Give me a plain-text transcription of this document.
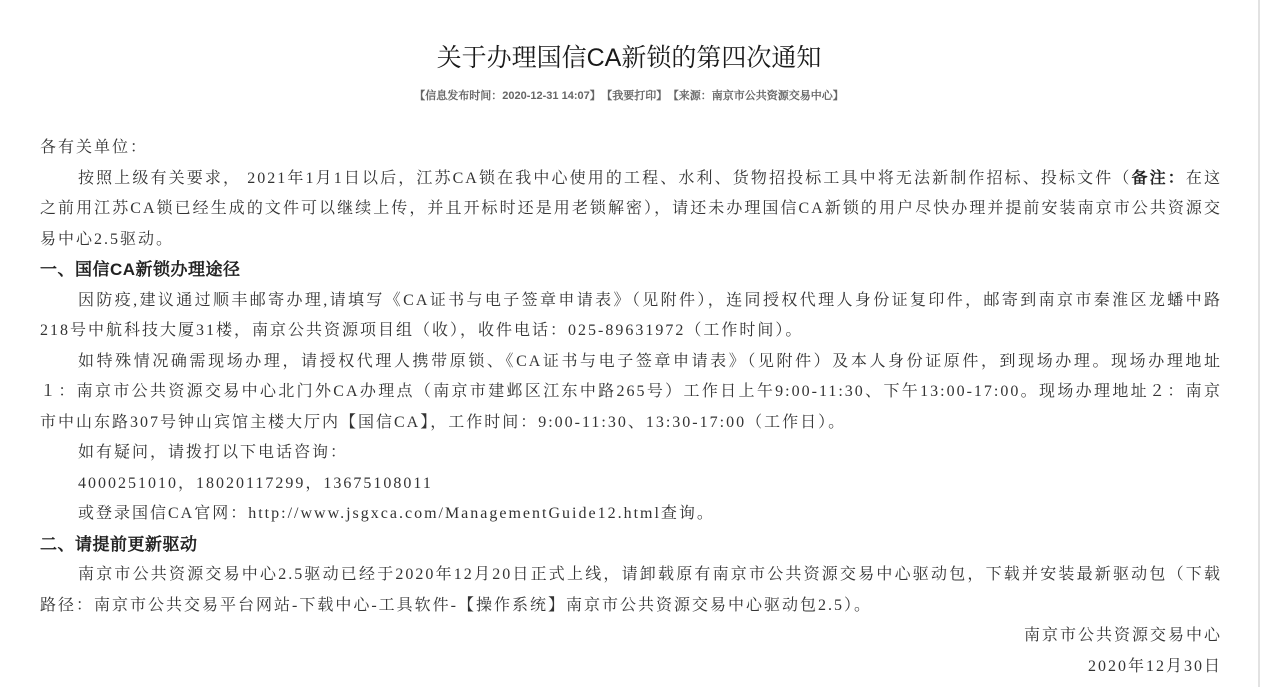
关于办理国信CA新锁的第四次通知
【信息发布时间：2020-12-31 14:07】 【我要打印】 【来源：南京市公共资源交易中心】

各有关单位：

按照上级有关要求， 2021年1月1日以后，江苏CA锁在我中心使用的工程、水利、货物招投标工具中将无法新制作招标、投标文件（备注：在这之前用江苏CA锁已经生成的文件可以继续上传，并且开标时还是用老锁解密），请还未办理国信CA新锁的用户尽快办理并提前安装南京市公共资源交易中心2.5驱动。

一、国信CA新锁办理途径

因防疫,建议通过顺丰邮寄办理,请填写《CA证书与电子签章申请表》（见附件），连同授权代理人身份证复印件，邮寄到南京市秦淮区龙蟠中路218号中航科技大厦31楼，南京公共资源项目组（收），收件电话：025-89631972（工作时间）。

如特殊情况确需现场办理，请授权代理人携带原锁、《CA证书与电子签章申请表》（见附件）及本人身份证原件，到现场办理。现场办理地址１：南京市公共资源交易中心北门外CA办理点（南京市建邺区江东中路265号）工作日上午9:00-11:30、下午13:00-17:00。现场办理地址２：南京市中山东路307号钟山宾馆主楼大厅内【国信CA】，工作时间：9:00-11:30、13:30-17:00（工作日）。

如有疑问，请拨打以下电话咨询：

4000251010，18020117299，13675108011

或登录国信CA官网：http://www.jsgxca.com/ManagementGuide12.html查询。

二、请提前更新驱动

南京市公共资源交易中心2.5驱动已经于2020年12月20日正式上线，请卸载原有南京市公共资源交易中心驱动包，下载并安装最新驱动包（下载路径：南京市公共交易平台网站-下载中心-工具软件-【操作系统】南京市公共资源交易中心驱动包2.5）。

南京市公共资源交易中心

2020年12月30日
